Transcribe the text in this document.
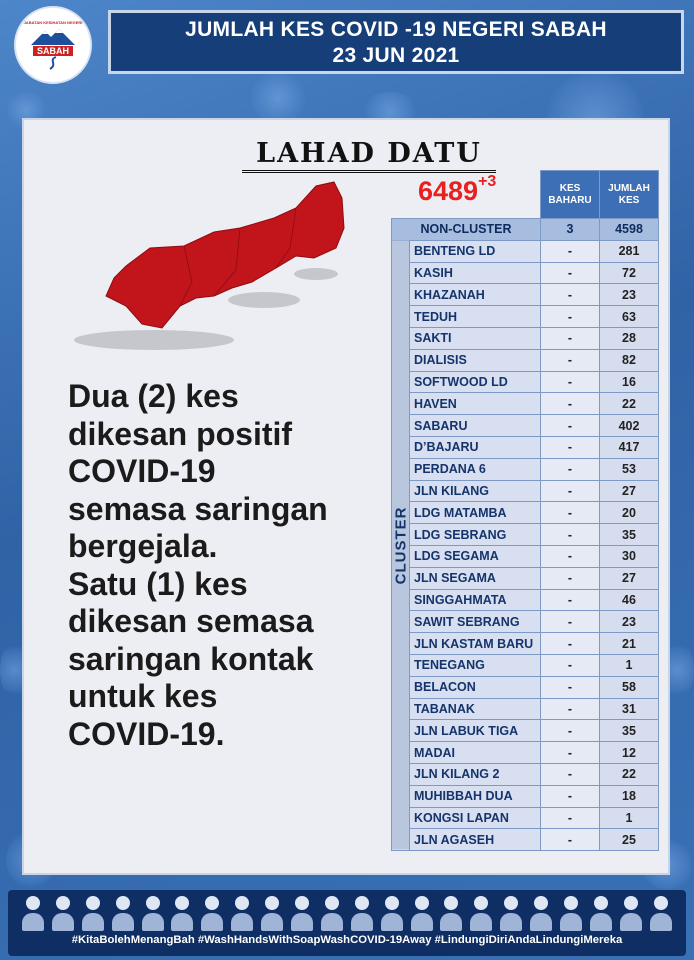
JABATAN KESIHATAN NEGERI
SABAH
JUMLAH KES COVID -19 NEGERI SABAH
23 JUN 2021
LAHAD DATU
$6489^{+3}$
Dua (2) kes
dikesan positif
COVID-19
semasa saringan
bergejala.
Satu (1) kes
dikesan semasa
saringan kontak
untuk kes
COVID-19.
		KES BAHARU	JUMLAH KES
NON-CLUSTER		3	4598
CLUSTER	BENTENG LD	-	281
	KASIH	-	72
	KHAZANAH	-	23
	TEDUH	-	63
	SAKTI	-	28
	DIALISIS	-	82
	SOFTWOOD LD	-	16
	HAVEN	-	22
	SABARU	-	402
	D’BAJARU	-	417
	PERDANA 6	-	53
	JLN KILANG	-	27
	LDG MATAMBA	-	20
	LDG SEBRANG	-	35
	LDG SEGAMA	-	30
	JLN SEGAMA	-	27
	SINGGAHMATA	-	46
	SAWIT SEBRANG	-	23
	JLN KASTAM BARU	-	21
	TENEGANG	-	1
	BELACON	-	58
	TABANAK	-	31
	JLN LABUK TIGA	-	35
	MADAI	-	12
	JLN KILANG 2	-	22
	MUHIBBAH DUA	-	18
	KONGSI LAPAN	-	1
	JLN AGASEH	-	25
#KitaBolehMenangBah #WashHandsWithSoapWashCOVID-19Away #LindungiDiriAndaLindungiMereka
